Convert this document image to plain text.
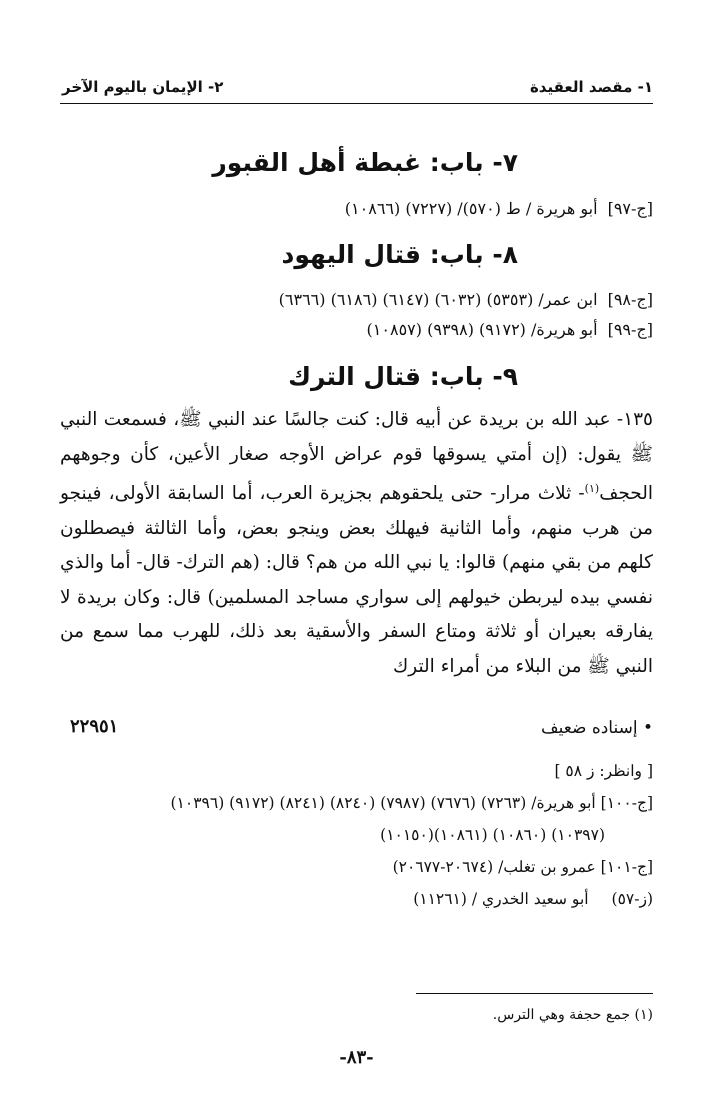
١- مقصد العقيدة
٢- الإيمان باليوم الآخر
٧- باب: غبطة أهل القبور
[ج-٩٧]أبو هريرة / ط (٥٧٠)/ (٧٢٢٧) (١٠٨٦٦)
٨- باب: قتال اليهود
[ج-٩٨]ابن عمر/ (٥٣٥٣) (٦٠٣٢) (٦١٤٧) (٦١٨٦) (٦٣٦٦)
[ج-٩٩]أبو هريرة/ (٩١٧٢) (٩٣٩٨) (١٠٨٥٧)
٩- باب: قتال الترك
١٣٥- عبد الله بن بريدة عن أبيه قال: كنت جالسًا عند النبي ﷺ، فسمعت النبي ﷺ يقول: (إن أمتي يسوقها قوم عراض الأوجه صغار الأعين، كأن وجوههم الحجف$^{(١)}$- ثلاث مرار- حتى يلحقوهم بجزيرة العرب، أما السابقة الأولى، فينجو من هرب منهم، وأما الثانية فيهلك بعض وينجو بعض، وأما الثالثة فيصطلون كلهم من بقي منهم) قالوا: يا نبي الله من هم؟ قال: (هم الترك- قال- أما والذي نفسي بيده ليربطن خيولهم إلى سواري مساجد المسلمين) قال: وكان بريدة لا يفارقه بعيران أو ثلاثة ومتاع السفر والأسقية بعد ذلك، للهرب مما سمع من النبي ﷺ من البلاء من أمراء الترك
• إسناده ضعيف
٢٢٩٥١
[ وانظر: ز ٥٨ ]
[ج-١٠٠] أبو هريرة/ (٧٢٦٣) (٧٦٧٦) (٧٩٨٧) (٨٢٤٠) (٨٢٤١) (٩١٧٢) (١٠٣٩٦)
(١٠٣٩٧) (١٠٨٦٠) (١٠٨٦١)(١٠١٥٠)
[ج-١٠١] عمرو بن تغلب/ (٢٠٦٧٤-٢٠٦٧٧)
(ز-٥٧) أبو سعيد الخدري / (١١٢٦١)
(١) جمع حجفة وهي الترس.
-٨٣-
